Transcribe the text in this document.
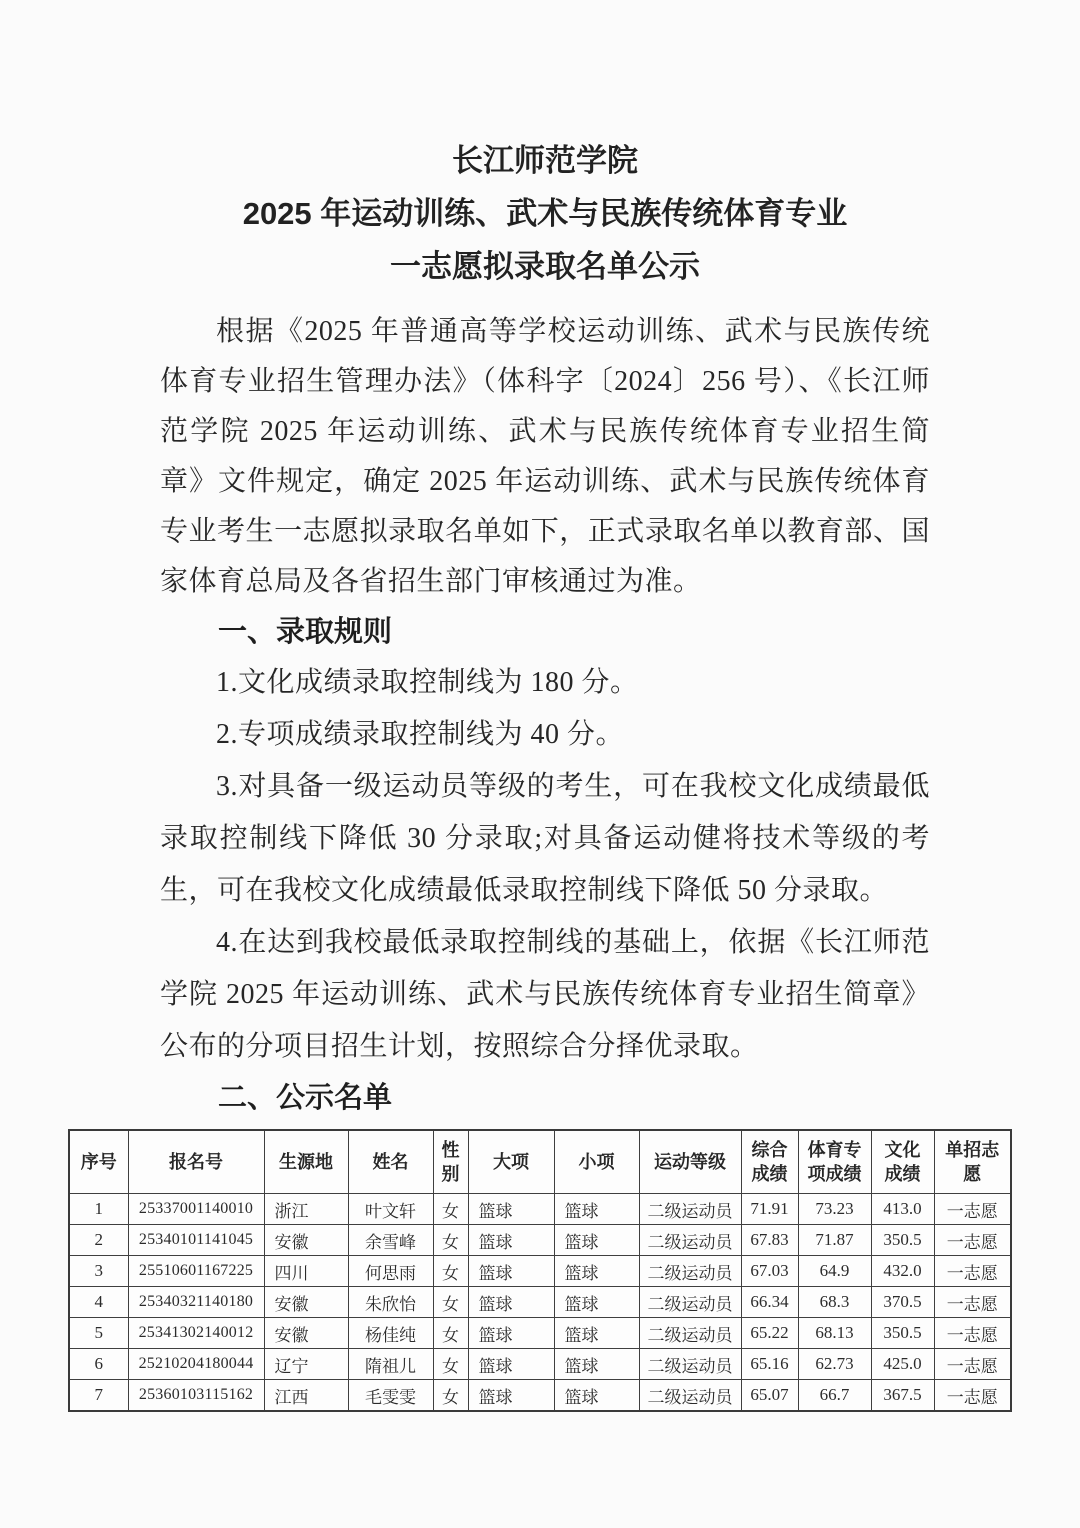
长江师范学院
2025 年运动训练、武术与民族传统体育专业
一志愿拟录取名单公示

根据《2025 年普通高等学校运动训练、武术与民族传统体育专业招生管理办法》（体科字〔2024〕256 号）、《长江师范学院 2025 年运动训练、武术与民族传统体育专业招生简章》文件规定，确定 2025 年运动训练、武术与民族传统体育专业考生一志愿拟录取名单如下，正式录取名单以教育部、国家体育总局及各省招生部门审核通过为准。

一、录取规则

1.文化成绩录取控制线为 180 分。

2.专项成绩录取控制线为 40 分。

3.对具备一级运动员等级的考生，可在我校文化成绩最低录取控制线下降低 30 分录取;对具备运动健将技术等级的考生，可在我校文化成绩最低录取控制线下降低 50 分录取。

4.在达到我校最低录取控制线的基础上，依据《长江师范学院 2025 年运动训练、武术与民族传统体育专业招生简章》公布的分项目招生计划，按照综合分择优录取。

二、公示名单
序号	报名号	生源地	姓名	性别	大项	小项	运动等级	综合成绩	体育专项成绩	文化成绩	单招志愿
1	25337001140010	浙江	叶文轩	女	篮球	篮球	二级运动员	71.91	73.23	413.0	一志愿
2	25340101141045	安徽	余雪峰	女	篮球	篮球	二级运动员	67.83	71.87	350.5	一志愿
3	25510601167225	四川	何思雨	女	篮球	篮球	二级运动员	67.03	64.9	432.0	一志愿
4	25340321140180	安徽	朱欣怡	女	篮球	篮球	二级运动员	66.34	68.3	370.5	一志愿
5	25341302140012	安徽	杨佳纯	女	篮球	篮球	二级运动员	65.22	68.13	350.5	一志愿
6	25210204180044	辽宁	隋祖儿	女	篮球	篮球	二级运动员	65.16	62.73	425.0	一志愿
7	25360103115162	江西	毛雯雯	女	篮球	篮球	二级运动员	65.07	66.7	367.5	一志愿
